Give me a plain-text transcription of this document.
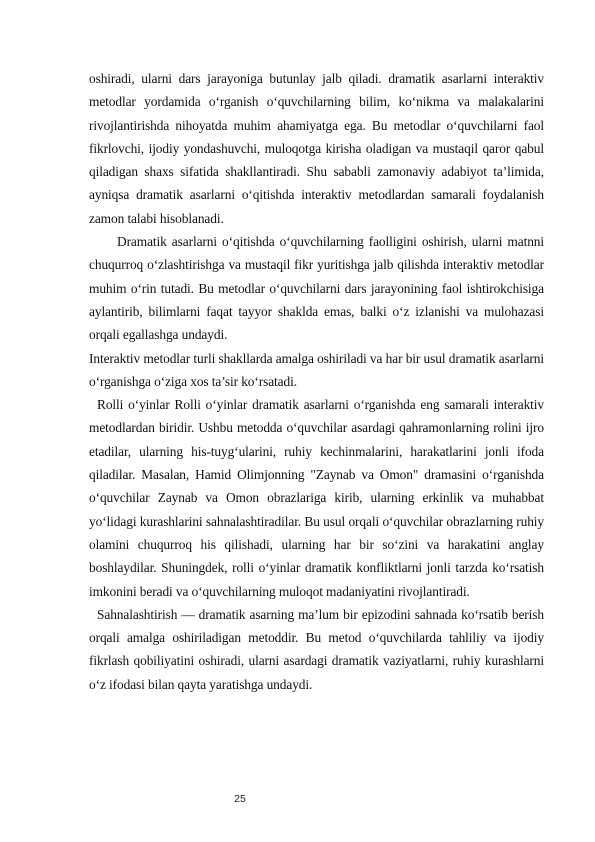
oshiradi, ularni dars jarayoniga butunlay jalb qiladi. dramatik asarlarni interaktiv metodlar yordamida o‘rganish o‘quvchilarning bilim, ko‘nikma va malakalarini rivojlantirishda nihoyatda muhim ahamiyatga ega. Bu metodlar o‘quvchilarni faol fikrlovchi, ijodiy yondashuvchi, muloqotga kirisha oladigan va mustaqil qaror qabul qiladigan shaxs sifatida shakllantiradi. Shu sababli zamonaviy adabiyot ta’limida, ayniqsa dramatik asarlarni o‘qitishda interaktiv metodlardan samarali foydalanish zamon talabi hisoblanadi.

Dramatik asarlarni o‘qitishda o‘quvchilarning faolligini oshirish, ularni matnni chuqurroq o‘zlashtirishga va mustaqil fikr yuritishga jalb qilishda interaktiv metodlar muhim o‘rin tutadi. Bu metodlar o‘quvchilarni dars jarayonining faol ishtirokchisiga aylantirib, bilimlarni faqat tayyor shaklda emas, balki o‘z izlanishi va mulohazasi orqali egallashga undaydi.

Interaktiv metodlar turli shakllarda amalga oshiriladi va har bir usul dramatik asarlarni o‘rganishga o‘ziga xos ta’sir ko‘rsatadi.

Rolli o‘yinlar Rolli o‘yinlar dramatik asarlarni o‘rganishda eng samarali interaktiv metodlardan biridir. Ushbu metodda o‘quvchilar asardagi qahramonlarning rolini ijro etadilar, ularning his-tuyg‘ularini, ruhiy kechinmalarini, harakatlarini jonli ifoda qiladilar. Masalan, Hamid Olimjonning "Zaynab va Omon" dramasini o‘rganishda o‘quvchilar Zaynab va Omon obrazlariga kirib, ularning erkinlik va muhabbat yo‘lidagi kurashlarini sahnalashtiradilar. Bu usul orqali o‘quvchilar obrazlarning ruhiy olamini chuqurroq his qilishadi, ularning har bir so‘zini va harakatini anglay boshlaydilar. Shuningdek, rolli o‘yinlar dramatik konfliktlarni jonli tarzda ko‘rsatish imkonini beradi va o‘quvchilarning muloqot madaniyatini rivojlantiradi.

Sahnalashtirish — dramatik asarning ma’lum bir epizodini sahnada ko‘rsatib berish orqali amalga oshiriladigan metoddir. Bu metod o‘quvchilarda tahliliy va ijodiy fikrlash qobiliyatini oshiradi, ularni asardagi dramatik vaziyatlarni, ruhiy kurashlarni o‘z ifodasi bilan qayta yaratishga undaydi.

25
